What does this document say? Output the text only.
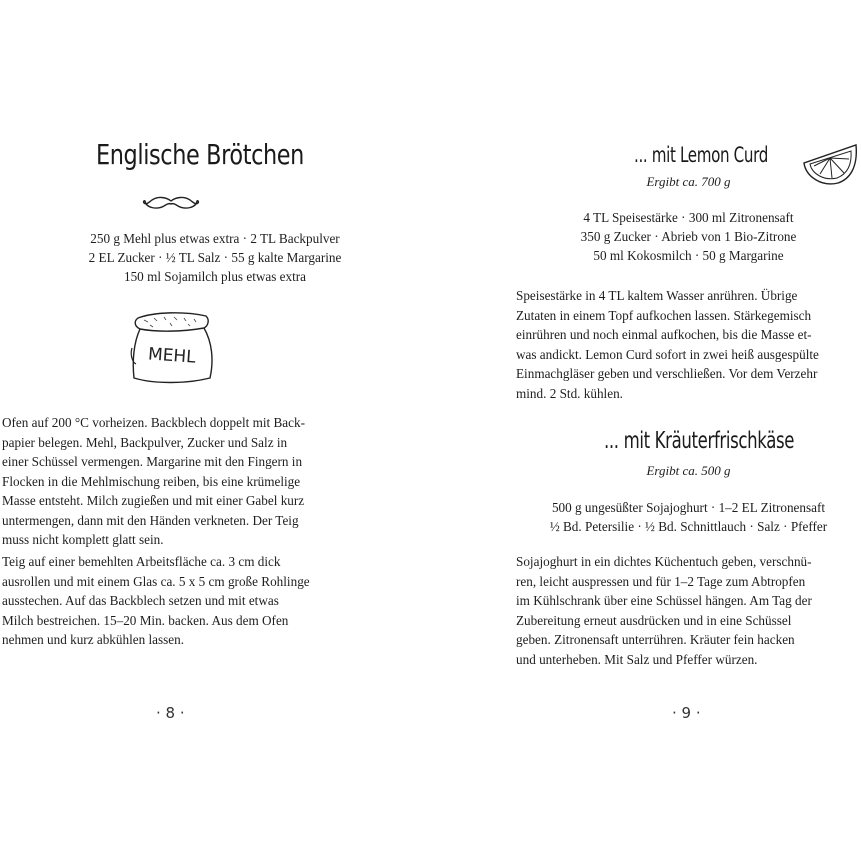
Englische Brötchen
250 g Mehl plus etwas extra · 2 TL Backpulver
2 EL Zucker · ½ TL Salz · 55 g kalte Margarine
150 ml Sojamilch plus etwas extra
MEHL
Ofen auf 200 °C vorheizen. Backblech doppelt mit Back-
papier belegen. Mehl, Backpulver, Zucker und Salz in
einer Schüssel vermengen. Margarine mit den Fingern in
Flocken in die Mehlmischung reiben, bis eine krümelige
Masse entsteht. Milch zugießen und mit einer Gabel kurz
untermengen, dann mit den Händen verkneten. Der Teig
muss nicht komplett glatt sein.
Teig auf einer bemehlten Arbeitsfläche ca. 3 cm dick
ausrollen und mit einem Glas ca. 5 x 5 cm große Rohlinge
ausstechen. Auf das Backblech setzen und mit etwas
Milch bestreichen. 15–20 Min. backen. Aus dem Ofen
nehmen und kurz abkühlen lassen.
· 8 ·
... mit Lemon Curd
Ergibt ca. 700 g
4 TL Speisestärke · 300 ml Zitronensaft
350 g Zucker · Abrieb von 1 Bio-Zitrone
50 ml Kokosmilch · 50 g Margarine
Speisestärke in 4 TL kaltem Wasser anrühren. Übrige
Zutaten in einem Topf aufkochen lassen. Stärkegemisch
einrühren und noch einmal aufkochen, bis die Masse et-
was andickt. Lemon Curd sofort in zwei heiß ausgespülte
Einmachgläser geben und verschließen. Vor dem Verzehr
mind. 2 Std. kühlen.
... mit Kräuterfrischkäse
Ergibt ca. 500 g
500 g ungesüßter Sojajoghurt · 1–2 EL Zitronensaft
½ Bd. Petersilie · ½ Bd. Schnittlauch · Salz · Pfeffer
Sojajoghurt in ein dichtes Küchentuch geben, verschnü-
ren, leicht auspressen und für 1–2 Tage zum Abtropfen
im Kühlschrank über eine Schüssel hängen. Am Tag der
Zubereitung erneut ausdrücken und in eine Schüssel
geben. Zitronensaft unterrühren. Kräuter fein hacken
und unterheben. Mit Salz und Pfeffer würzen.
· 9 ·
